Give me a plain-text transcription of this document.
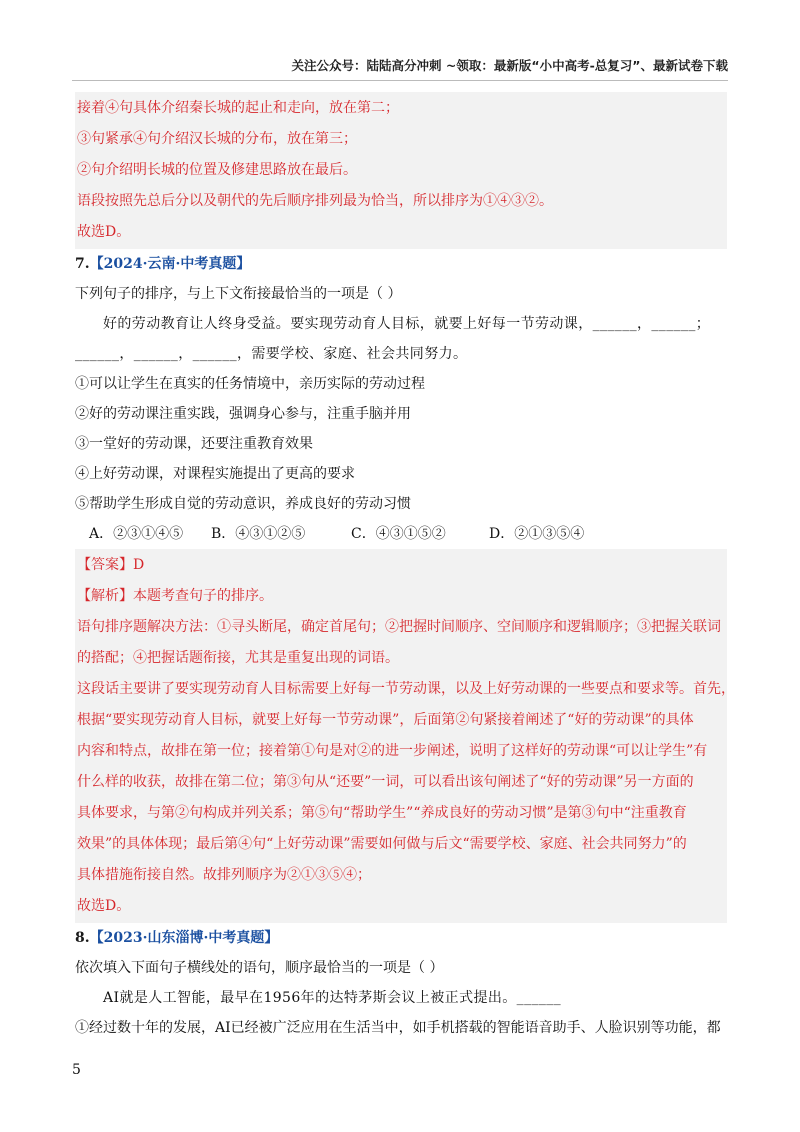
关注公众号：陆陆高分冲刺 ~领取：最新版“小中高考-总复习”、最新试卷下载
接着④句具体介绍秦长城的起止和走向，放在第二；
③句紧承④句介绍汉长城的分布，放在第三；
②句介绍明长城的位置及修建思路放在最后。
语段按照先总后分以及朝代的先后顺序排列最为恰当，所以排序为①④③②。
故选D。
7.【2024·云南·中考真题】
下列句子的排序，与上下文衔接最恰当的一项是（ ）
好的劳动教育让人终身受益。要实现劳动育人目标，就要上好每一节劳动课，______，______；
______，______，______，需要学校、家庭、社会共同努力。
①可以让学生在真实的任务情境中，亲历实际的劳动过程
②好的劳动课注重实践，强调身心参与，注重手脑并用
③一堂好的劳动课，还要注重教育效果
④上好劳动课，对课程实施提出了更高的要求
⑤帮助学生形成自觉的劳动意识，养成良好的劳动习惯
A．②③①④⑤	B．④③①②⑤	C．④③①⑤②	D．②①③⑤④
【答案】D
【解析】本题考查句子的排序。
语句排序题解决方法：①寻头断尾，确定首尾句；②把握时间顺序、空间顺序和逻辑顺序；③把握关联词
的搭配；④把握话题衔接，尤其是重复出现的词语。
这段话主要讲了要实现劳动育人目标需要上好每一节劳动课，以及上好劳动课的一些要点和要求等。首先，
根据“要实现劳动育人目标，就要上好每一节劳动课”，后面第②句紧接着阐述了“好的劳动课”的具体
内容和特点，故排在第一位；接着第①句是对②的进一步阐述，说明了这样好的劳动课“可以让学生”有
什么样的收获，故排在第二位；第③句从“还要”一词，可以看出该句阐述了“好的劳动课”另一方面的
具体要求，与第②句构成并列关系；第⑤句“帮助学生”“养成良好的劳动习惯”是第③句中“注重教育
效果”的具体体现；最后第④句“上好劳动课”需要如何做与后文“需要学校、家庭、社会共同努力”的
具体措施衔接自然。故排列顺序为②①③⑤④；
故选D。
8.【2023·山东淄博·中考真题】
依次填入下面句子横线处的语句，顺序最恰当的一项是（ ）
AI就是人工智能，最早在1956年的达特茅斯会议上被正式提出。______
①经过数十年的发展，AI已经被广泛应用在生活当中，如手机搭载的智能语音助手、人脸识别等功能，都
5
